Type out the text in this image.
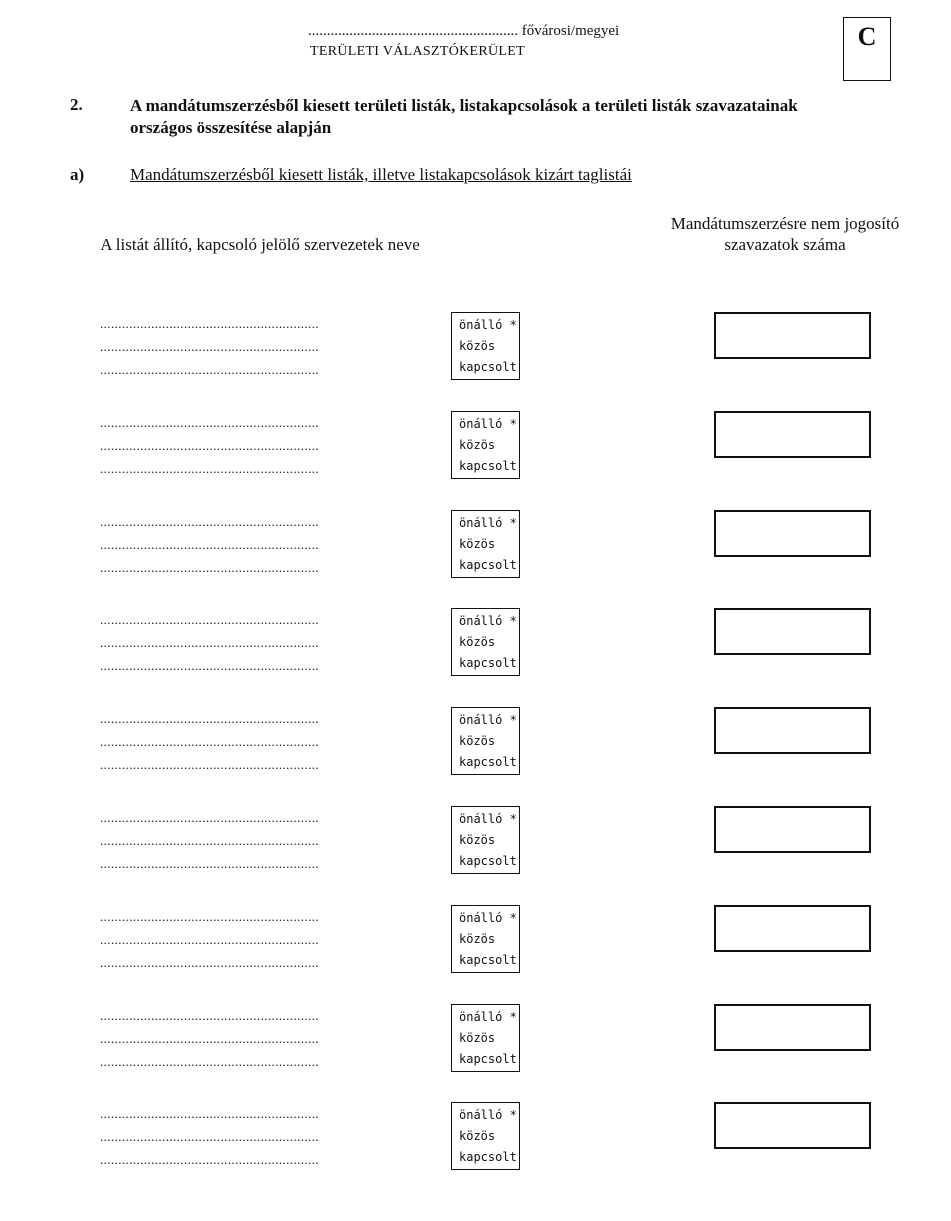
........................................................ fővárosi/megyei
TERÜLETI VÁLASZTÓKERÜLET
C
2.	A mandátumszerzésből kiesett területi listák, listakapcsolások a területi listák szavazatainak országos összesítése alapján
a)	Mandátumszerzésből kiesett listák, illetve listakapcsolások kizárt taglistái
A listát állító, kapcsoló jelölő szervezetek neve
Mandátumszerzésre nem jogosító szavazatok száma
............................................................
............................................................
............................................................
önálló *
közös
kapcsolt
............................................................
............................................................
............................................................
önálló *
közös
kapcsolt
............................................................
............................................................
............................................................
önálló *
közös
kapcsolt
............................................................
............................................................
............................................................
önálló *
közös
kapcsolt
............................................................
............................................................
............................................................
önálló *
közös
kapcsolt
............................................................
............................................................
............................................................
önálló *
közös
kapcsolt
............................................................
............................................................
............................................................
önálló *
közös
kapcsolt
............................................................
............................................................
............................................................
önálló *
közös
kapcsolt
............................................................
............................................................
............................................................
önálló *
közös
kapcsolt
